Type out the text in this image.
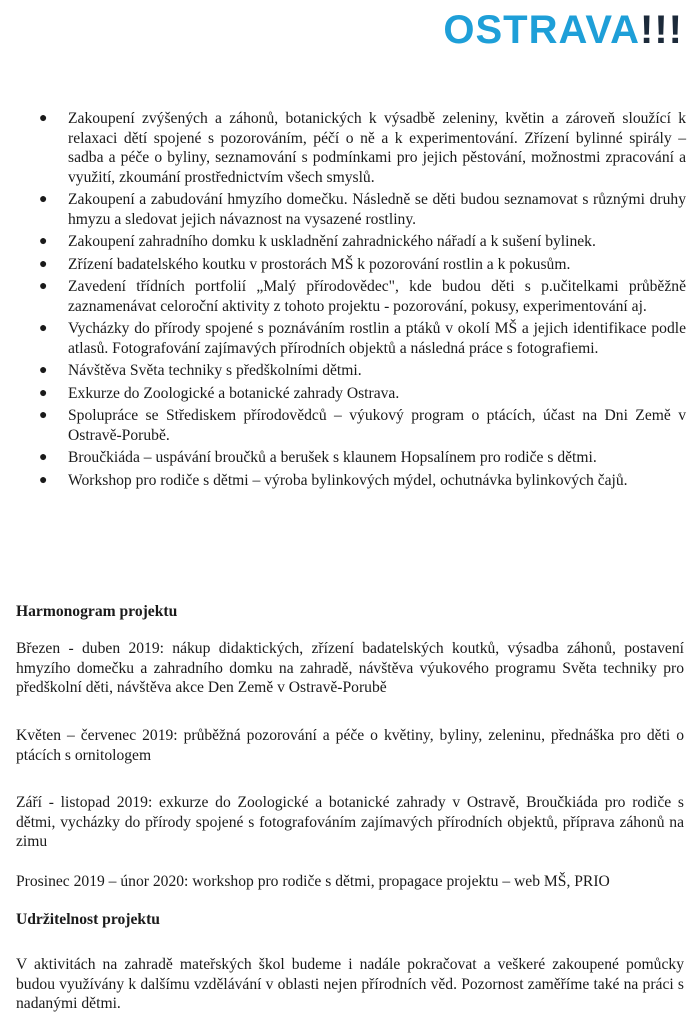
OSTRAVA!!!
● Zakoupení zvýšených a záhonů, botanických k výsadbě zeleniny, květin a zároveň sloužící k relaxaci dětí spojené s pozorováním, péčí o ně a k experimentování. Zřízení bylinné spirály – sadba a péče o byliny, seznamování s podmínkami pro jejich pěstování, možnostmi zpracování a využití, zkoumání prostřednictvím všech smyslů.
● Zakoupení a zabudování hmyzího domečku. Následně se děti budou seznamovat s různými druhy hmyzu a sledovat jejich návaznost na vysazené rostliny.
● Zakoupení zahradního domku k uskladnění zahradnického nářadí a k sušení bylinek.
● Zřízení badatelského koutku v prostorách MŠ k pozorování rostlin a k pokusům.
● Zavedení třídních portfolií „Malý přírodovědec", kde budou děti s p.učitelkami průběžně zaznamenávat celoroční aktivity z tohoto projektu - pozorování, pokusy, experimentování aj.
● Vycházky do přírody spojené s poznáváním rostlin a ptáků v okolí MŠ a jejich identifikace podle atlasů. Fotografování zajímavých přírodních objektů a následná práce s fotografiemi.
● Návštěva Světa techniky s předškolními dětmi.
● Exkurze do Zoologické a botanické zahrady Ostrava.
● Spolupráce se Střediskem přírodovědců – výukový program o ptácích, účast na Dni Země v Ostravě-Porubě.
● Broučkiáda – uspávání broučků a berušek s klaunem Hopsalínem pro rodiče s dětmi.
● Workshop pro rodiče s dětmi – výroba bylinkových mýdel, ochutnávka bylinkových čajů.
Harmonogram projektu
Březen - duben 2019: nákup didaktických, zřízení badatelských koutků, výsadba záhonů, postavení hmyzího domečku a zahradního domku na zahradě, návštěva výukového programu Světa techniky pro předškolní děti, návštěva akce Den Země v Ostravě-Porubě
Květen – červenec 2019: průběžná pozorování a péče o květiny, byliny, zeleninu, přednáška pro děti o ptácích s ornitologem
Září - listopad 2019: exkurze do Zoologické a botanické zahrady v Ostravě, Broučkiáda pro rodiče s dětmi, vycházky do přírody spojené s fotografováním zajímavých přírodních objektů, příprava záhonů na zimu
Prosinec 2019 – únor 2020: workshop pro rodiče s dětmi, propagace projektu – web MŠ, PRIO
Udržitelnost projektu
V aktivitách na zahradě mateřských škol budeme i nadále pokračovat a veškeré zakoupené pomůcky budou využívány k dalšímu vzdělávání v oblasti nejen přírodních věd. Pozornost zaměříme také na práci s nadanými dětmi.
